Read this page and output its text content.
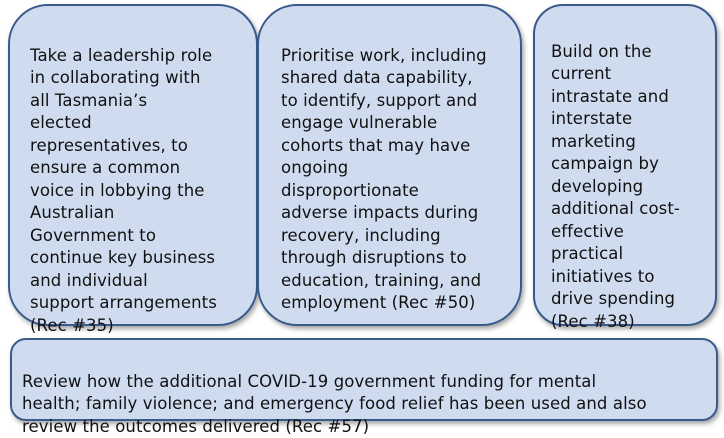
Take a leadership role
in collaborating with
all Tasmania’s
elected
representatives, to
ensure a common
voice in lobbying the
Australian
Government to
continue key business
and individual
support arrangements
(Rec #35)

Prioritise work, including
shared data capability,
to identify, support and
engage vulnerable
cohorts that may have
ongoing
disproportionate
adverse impacts during
recovery, including
through disruptions to
education, training, and
employment (Rec #50)

Build on the
current
intrastate and
interstate
marketing
campaign by
developing
additional cost-
effective
practical
initiatives to
drive spending
(Rec #38)

Review how the additional COVID-19 government funding for mental
health; family violence; and emergency food relief has been used and also
review the outcomes delivered (Rec #57)
